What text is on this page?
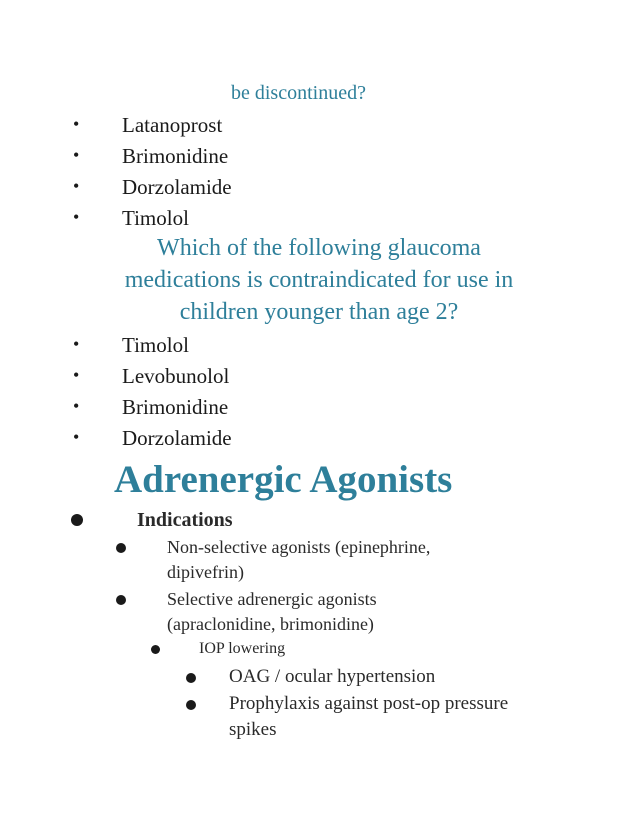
be discontinued?
• Latanoprost
• Brimonidine
• Dorzolamide
• Timolol
Which of the following glaucoma
medications is contraindicated for use in
children younger than age 2?
• Timolol
• Levobunolol
• Brimonidine
• Dorzolamide
Adrenergic Agonists
Indications
Non-selective agonists (epinephrine,
dipivefrin)
Selective adrenergic agonists
(apraclonidine, brimonidine)
IOP lowering
OAG / ocular hypertension
Prophylaxis against post-op pressure
spikes
